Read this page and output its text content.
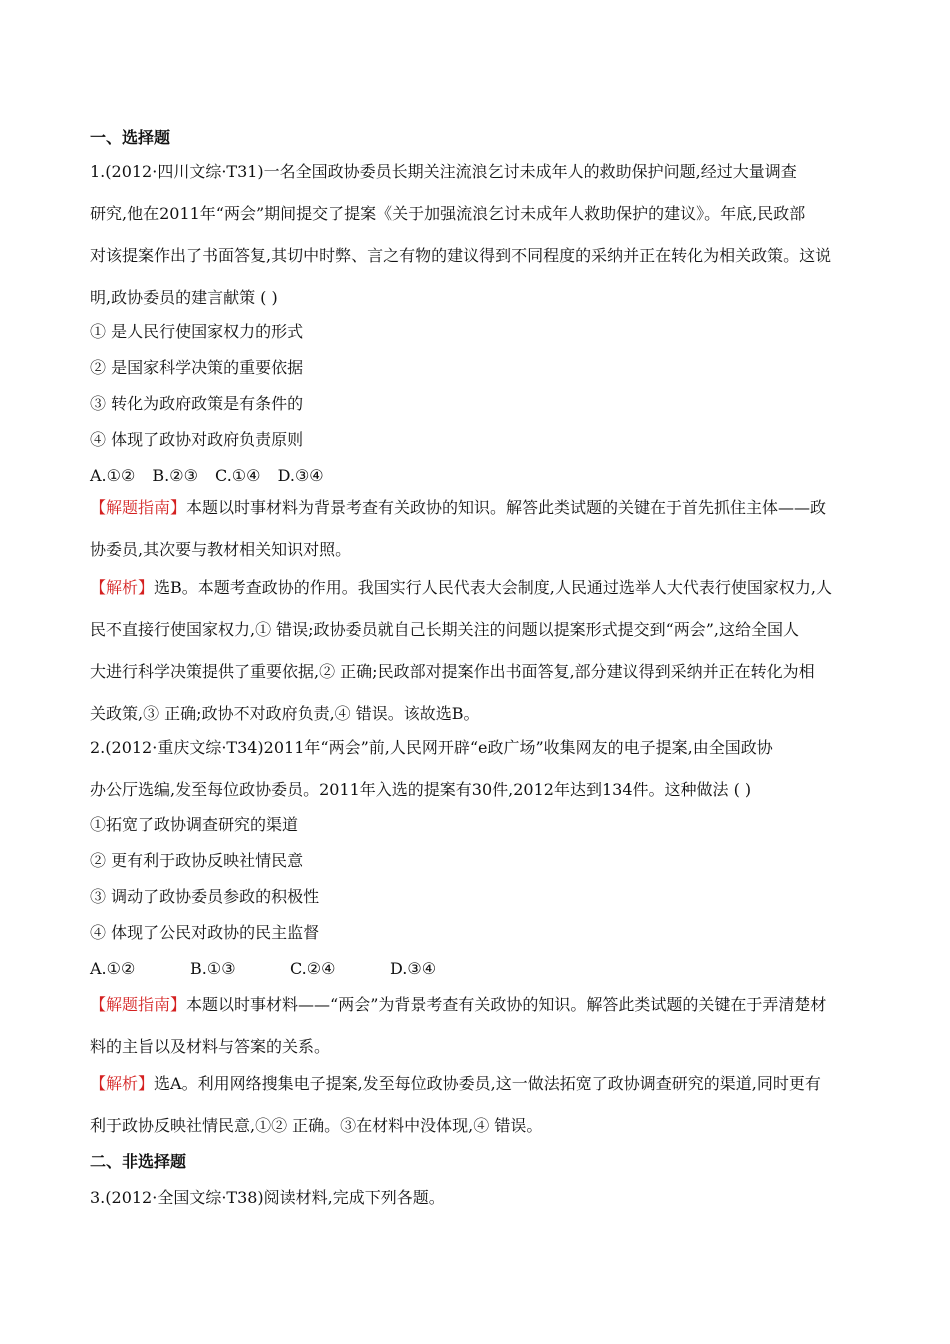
一、选择题
1.(2012·四川文综·T31)一名全国政协委员长期关注流浪乞讨未成年人的救助保护问题,经过大量调查
研究,他在2011年“两会”期间提交了提案《关于加强流浪乞讨未成年人救助保护的建议》。年底,民政部
对该提案作出了书面答复,其切中时弊、言之有物的建议得到不同程度的采纳并正在转化为相关政策。这说
明,政协委员的建言献策 ( )
① 是人民行使国家权力的形式
② 是国家科学决策的重要依据
③ 转化为政府政策是有条件的
④ 体现了政协对政府负责原则
A.①② B.②③ C.①④ D.③④
【解题指南】本题以时事材料为背景考查有关政协的知识。解答此类试题的关键在于首先抓住主体——政
协委员,其次要与教材相关知识对照。
【解析】选B。本题考查政协的作用。我国实行人民代表大会制度,人民通过选举人大代表行使国家权力,人
民不直接行使国家权力,① 错误;政协委员就自己长期关注的问题以提案形式提交到“两会”,这给全国人
大进行科学决策提供了重要依据,② 正确;民政部对提案作出书面答复,部分建议得到采纳并正在转化为相
关政策,③ 正确;政协不对政府负责,④ 错误。该故选B。
2.(2012·重庆文综·T34)2011年“两会”前,人民网开辟“e政广场”收集网友的电子提案,由全国政协
办公厅选编,发至每位政协委员。2011年入选的提案有30件,2012年达到134件。这种做法 ( )
①拓宽了政协调查研究的渠道
② 更有利于政协反映社情民意
③ 调动了政协委员参政的积极性
④ 体现了公民对政协的民主监督
A.①②	B.①③	C.②④	D.③④
【解题指南】本题以时事材料——“两会”为背景考查有关政协的知识。解答此类试题的关键在于弄清楚材
料的主旨以及材料与答案的关系。
【解析】选A。利用网络搜集电子提案,发至每位政协委员,这一做法拓宽了政协调查研究的渠道,同时更有
利于政协反映社情民意,①② 正确。③在材料中没体现,④ 错误。
二、非选择题
3.(2012·全国文综·T38)阅读材料,完成下列各题。
